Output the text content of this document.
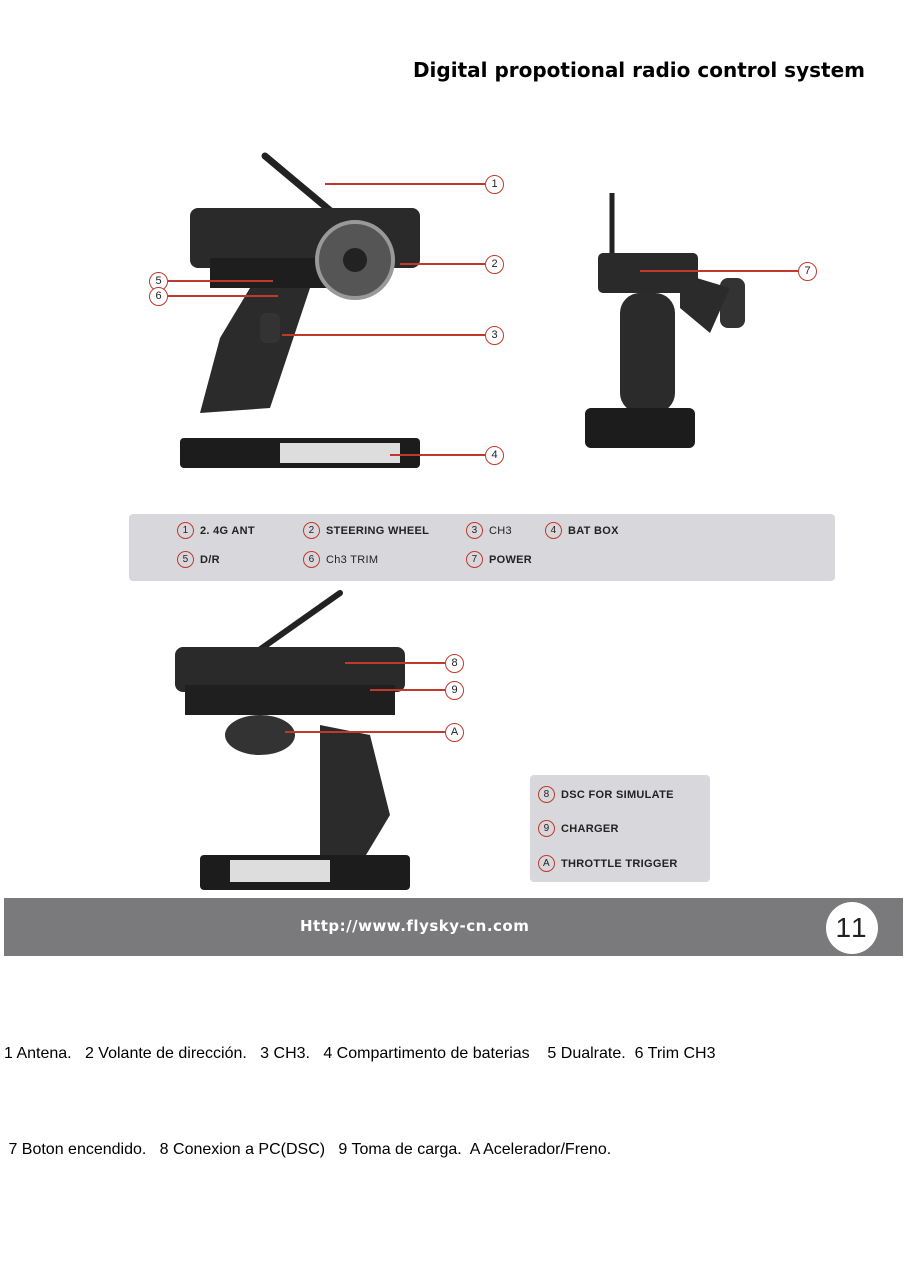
Digital propotional radio control system
1
2
3
4
5
6
7
8
9
A
1	2. 4G ANT	2	STEERING WHEEL	3	CH3	4	BAT BOX
5	D/R	6	Ch3 TRIM	7	POWER
8	DSC FOR SIMULATE
9	CHARGER
A	THROTTLE TRIGGER
Http://www.flysky-cn.com	11
1 Antena.   2 Volante de dirección.   3 CH3.   4 Compartimento de baterias    5 Dualrate.  6 Trim CH3
7 Boton encendido.   8 Conexion a PC(DSC)   9 Toma de carga.  A Acelerador/Freno.
